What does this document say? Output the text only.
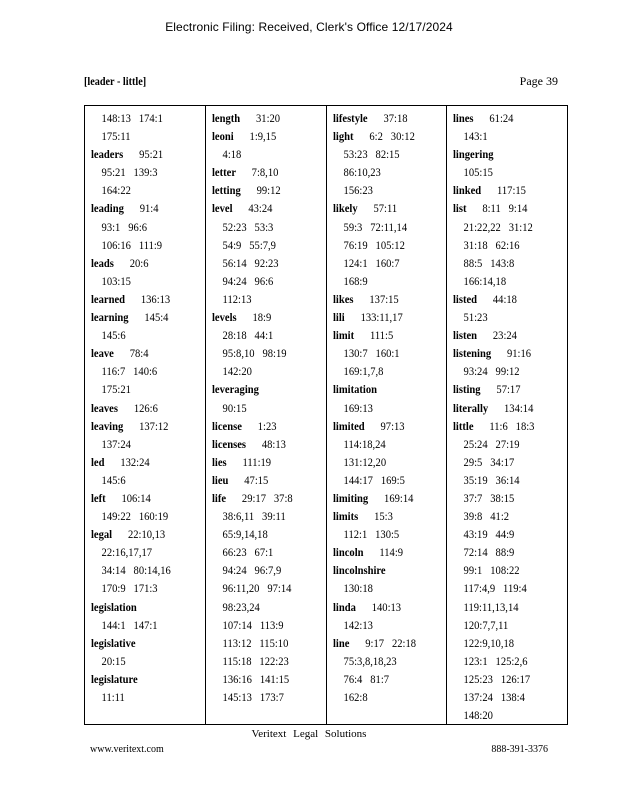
Electronic Filing: Received, Clerk's Office 12/17/2024
[leader - little]	Page 39
148:13   174:1
175:11
leaders 95:21
95:21   139:3
164:22
leading 91:4
93:1   96:6
106:16   111:9
leads 20:6
103:15
learned 136:13
learning 145:4
145:6
leave 78:4
116:7   140:6
175:21
leaves 126:6
leaving 137:12
137:24
led 132:24
145:6
left 106:14
149:22   160:19
legal 22:10,13
22:16,17,17
34:14   80:14,16
170:9   171:3
legislation
144:1   147:1
legislative
20:15
legislature
11:11
length 31:20
leoni 1:9,15
4:18
letter 7:8,10
letting 99:12
level 43:24
52:23   53:3
54:9   55:7,9
56:14   92:23
94:24   96:6
112:13
levels 18:9
28:18   44:1
95:8,10   98:19
142:20
leveraging
90:15
license 1:23
licenses 48:13
lies 111:19
lieu 47:15
life 29:17   37:8
38:6,11   39:11
65:9,14,18
66:23   67:1
94:24   96:7,9
96:11,20   97:14
98:23,24
107:14   113:9
113:12   115:10
115:18   122:23
136:16   141:15
145:13   173:7
lifestyle 37:18
light 6:2   30:12
53:23   82:15
86:10,23
156:23
likely 57:11
59:3   72:11,14
76:19   105:12
124:1   160:7
168:9
likes 137:15
lili 133:11,17
limit 111:5
130:7   160:1
169:1,7,8
limitation
169:13
limited 97:13
114:18,24
131:12,20
144:17   169:5
limiting 169:14
limits 15:3
112:1   130:5
lincoln 114:9
lincolnshire
130:18
linda 140:13
142:13
line 9:17   22:18
75:3,8,18,23
76:4   81:7
162:8
lines 61:24
143:1
lingering
105:15
linked 117:15
list 8:11   9:14
21:22,22   31:12
31:18   62:16
88:5   143:8
166:14,18
listed 44:18
51:23
listen 23:24
listening 91:16
93:24   99:12
listing 57:17
literally 134:14
little 11:6   18:3
25:24   27:19
29:5   34:17
35:19   36:14
37:7   38:15
39:8   41:2
43:19   44:9
72:14   88:9
99:1   108:22
117:4,9   119:4
119:11,13,14
120:7,7,11
122:9,10,18
123:1   125:2,6
125:23   126:17
137:24   138:4
148:20
Veritext Legal Solutions
www.veritext.com	888-391-3376
